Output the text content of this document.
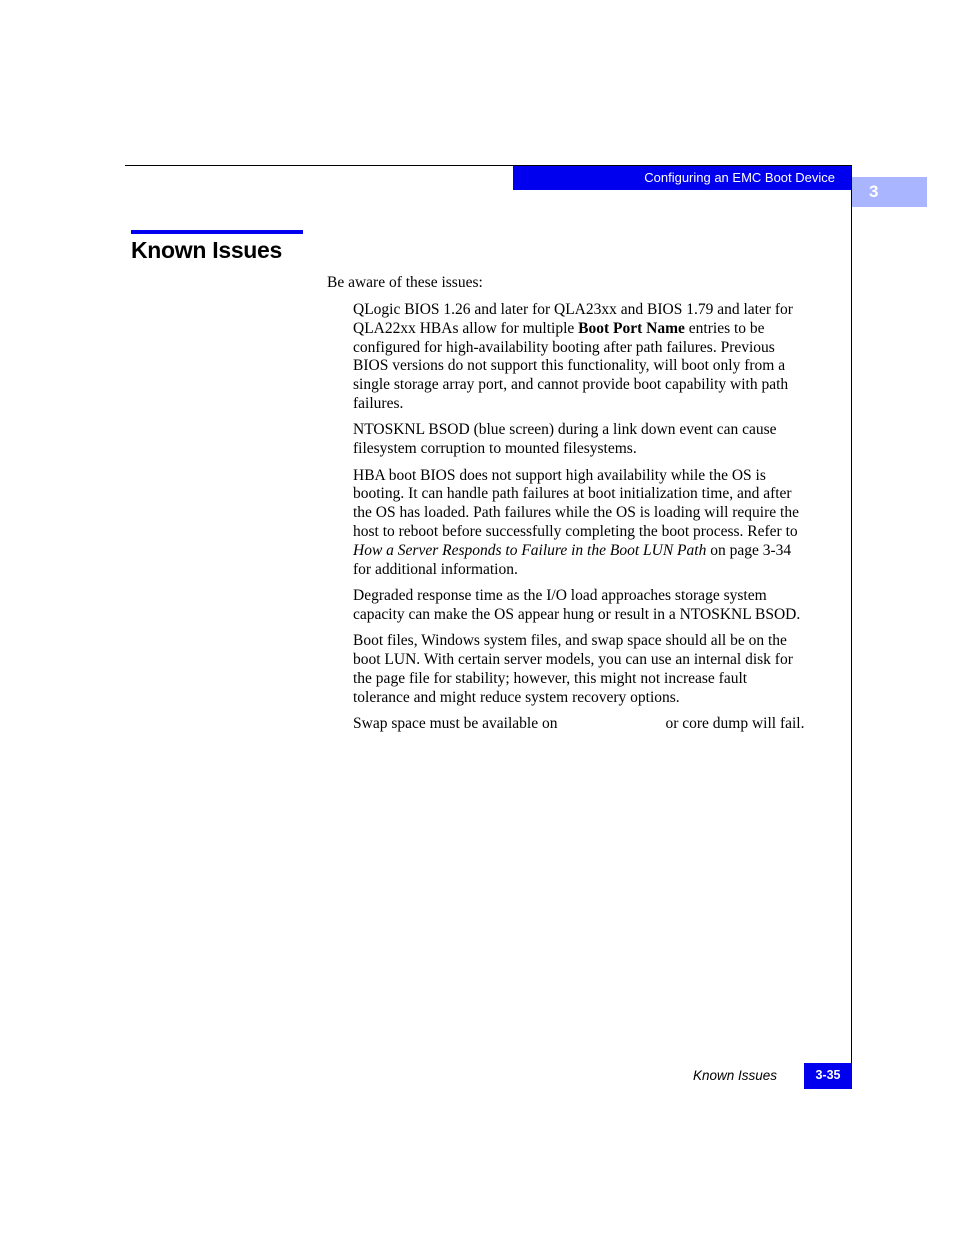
Configuring an EMC Boot Device
3
Known Issues

Be aware of these issues:

QLogic BIOS 1.26 and later for QLA23xx and BIOS 1.79 and later for QLA22xx HBAs allow for multiple Boot Port Name entries to be configured for high-availability booting after path failures. Previous BIOS versions do not support this functionality, will boot only from a single storage array port, and cannot provide boot capability with path failures.
NTOSKNL BSOD (blue screen) during a link down event can cause filesystem corruption to mounted filesystems.
HBA boot BIOS does not support high availability while the OS is booting. It can handle path failures at boot initialization time, and after the OS has loaded. Path failures while the OS is loading will require the host to reboot before successfully completing the boot process. Refer to How a Server Responds to Failure in the Boot LUN Path on page 3-34 for additional information.
Degraded response time as the I/O load approaches storage system capacity can make the OS appear hung or result in a NTOSKNL BSOD.
Boot files, Windows system files, and swap space should all be on the boot LUN. With certain server models, you can use an internal disk for the page file for stability; however, this might not increase fault tolerance and might reduce system recovery options.
Swap space must be available on	or core dump will fail.
Known Issues	3-35
